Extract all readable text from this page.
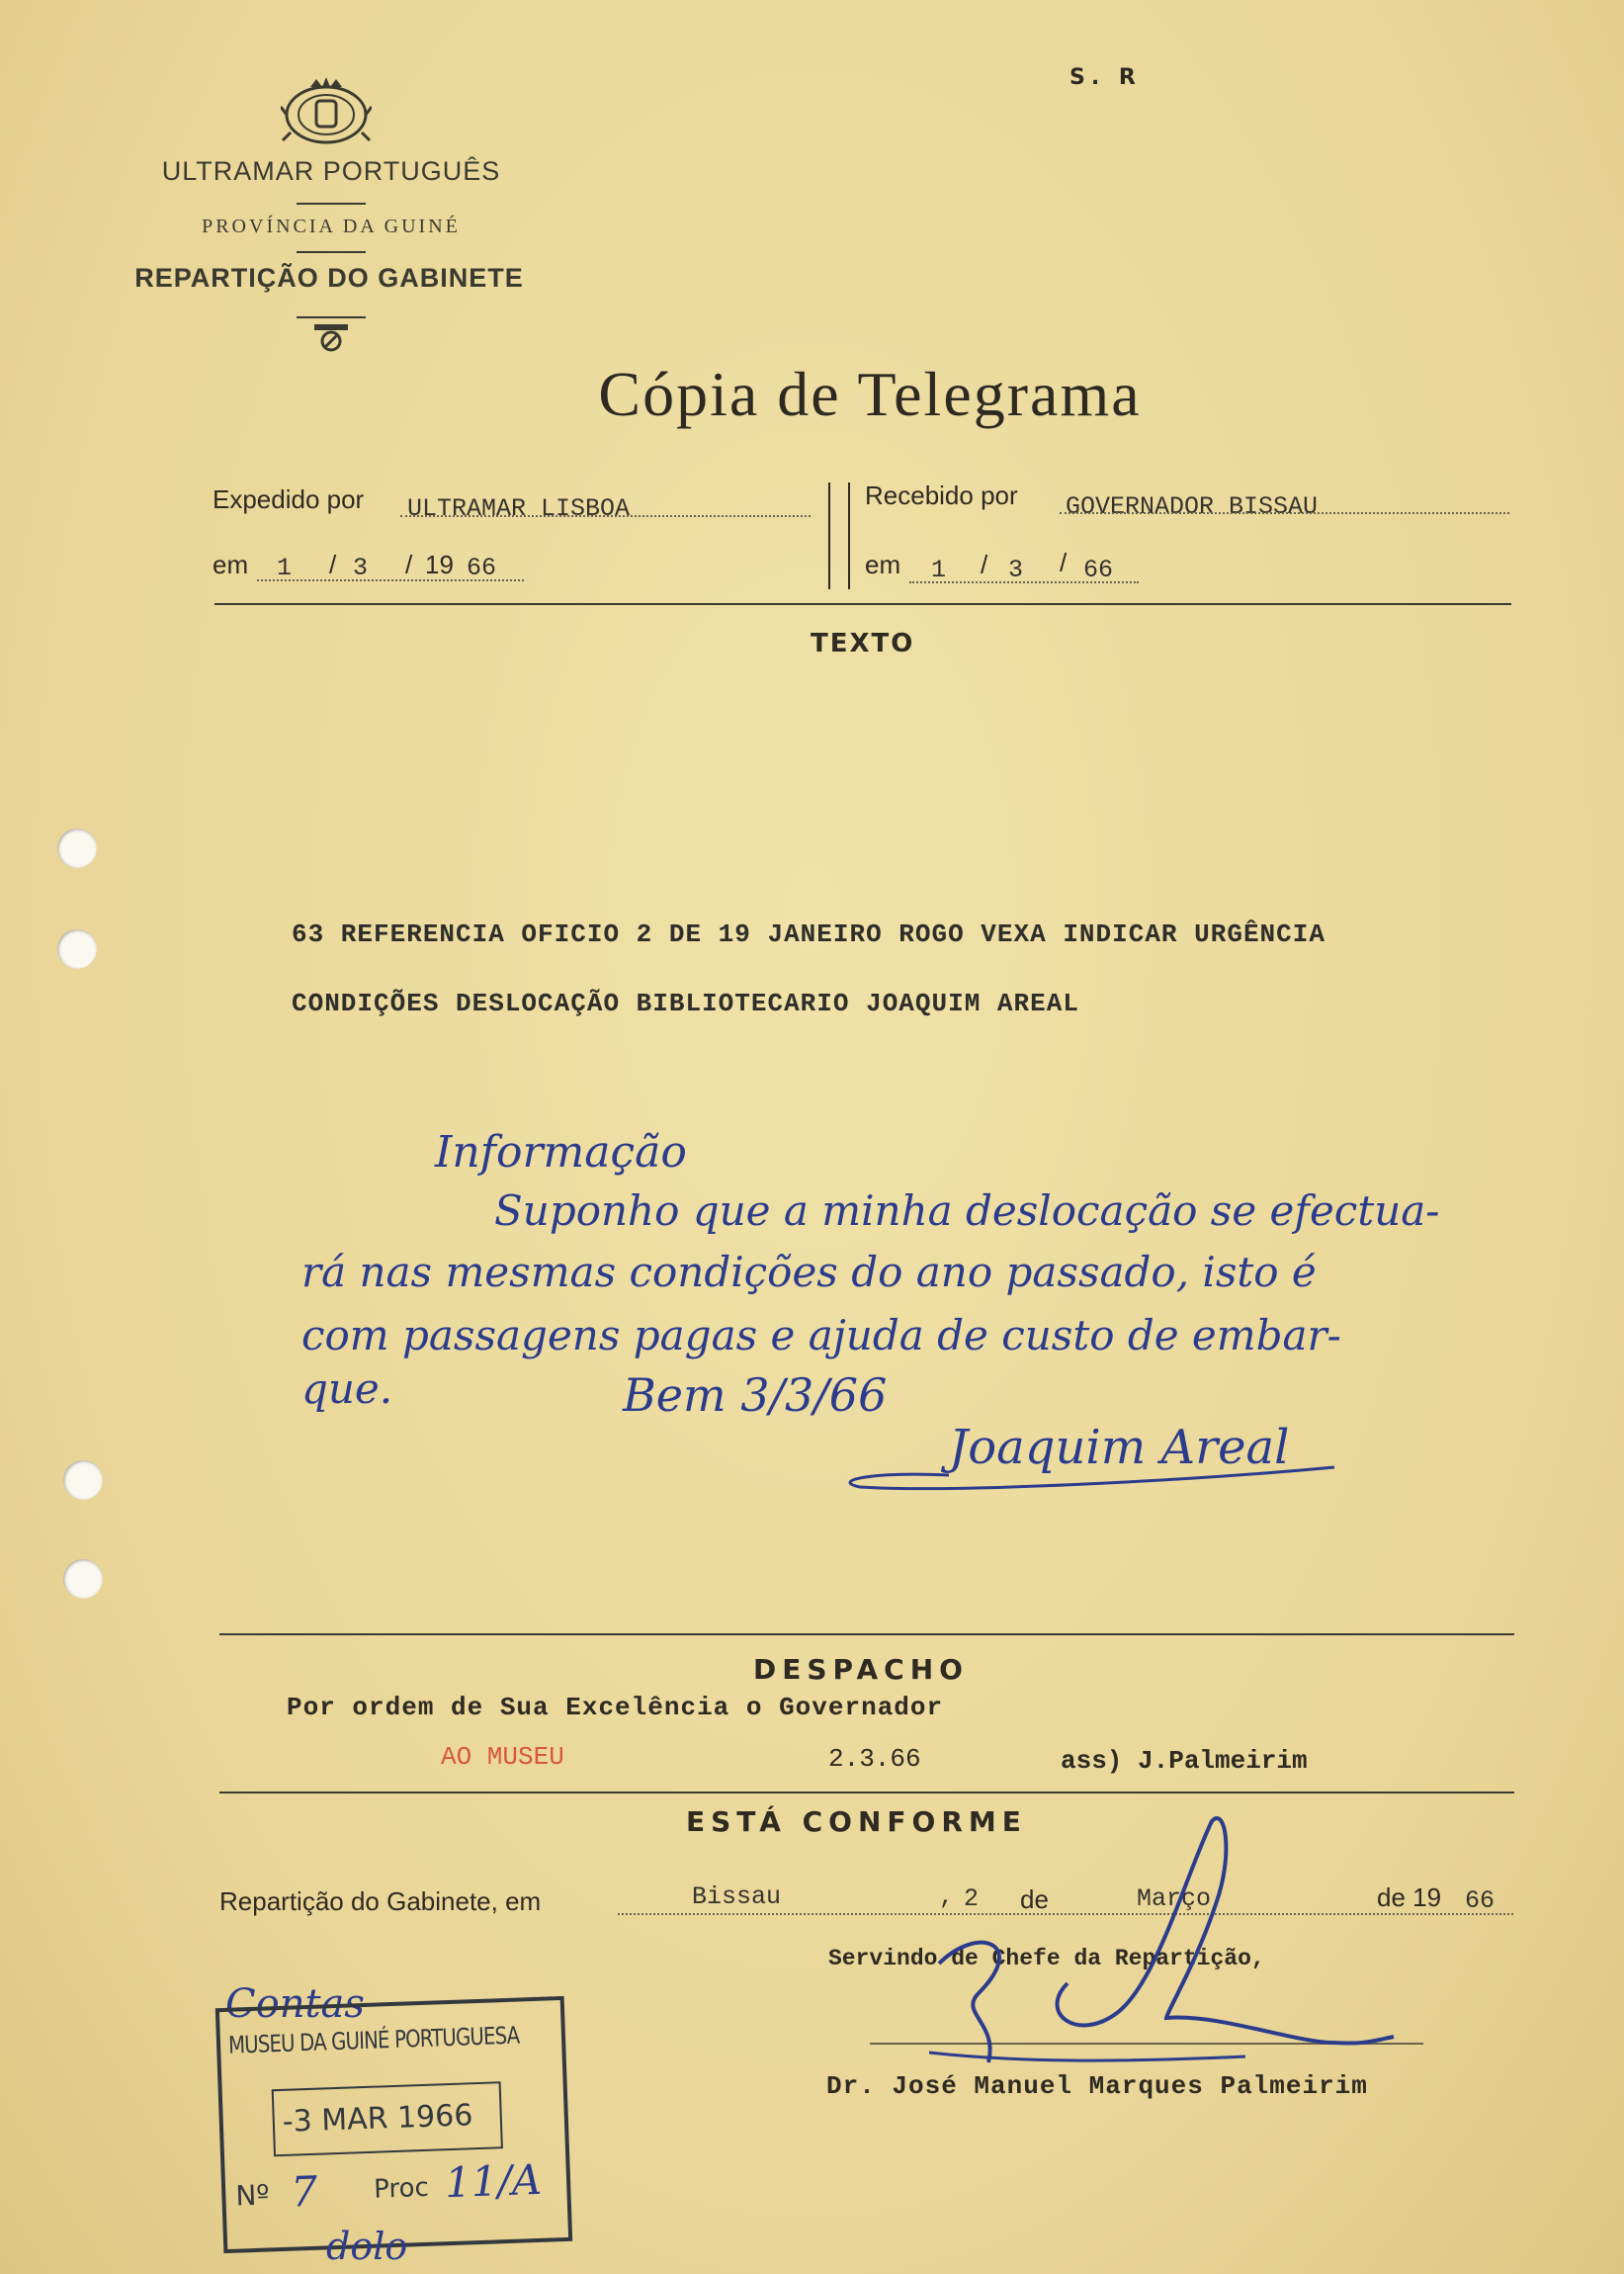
S. R
ULTRAMAR PORTUGUÊS
PROVÍNCIA DA GUINÉ
REPARTIÇÃO DO GABINETE
Cópia de Telegrama
Expedido por ULTRAMAR LISBOA
em 1 / 3 / 19 66
Recebido por GOVERNADOR BISSAU
em 1 / 3 / 66
TEXTO
63 REFERENCIA OFICIO 2 DE 19 JANEIRO ROGO VEXA INDICAR URGÊNCIA
CONDIÇÕES DESLOCAÇÃO BIBLIOTECARIO JOAQUIM AREAL
Informação
Suponho que a minha deslocação se efectua-
rá nas mesmas condições do ano passado, isto é
com passagens pagas e ajuda de custo de embar-
que.	Bem 3/3/66
Joaquim Areal
DESPACHO
Por ordem de Sua Excelência o Governador
AO MUSEU	2.3.66	ass) J.Palmeirim
ESTÁ CONFORME
Repartição do Gabinete, em	Bissau	, 2 de	Março	de 19 66
Servindo de Chefe da Repartição,
Dr. José Manuel Marques Palmeirim
Contas
MUSEU DA GUINÉ PORTUGUESA
-3 MAR 1966
Nº 7 Proc 11/A
dolo
